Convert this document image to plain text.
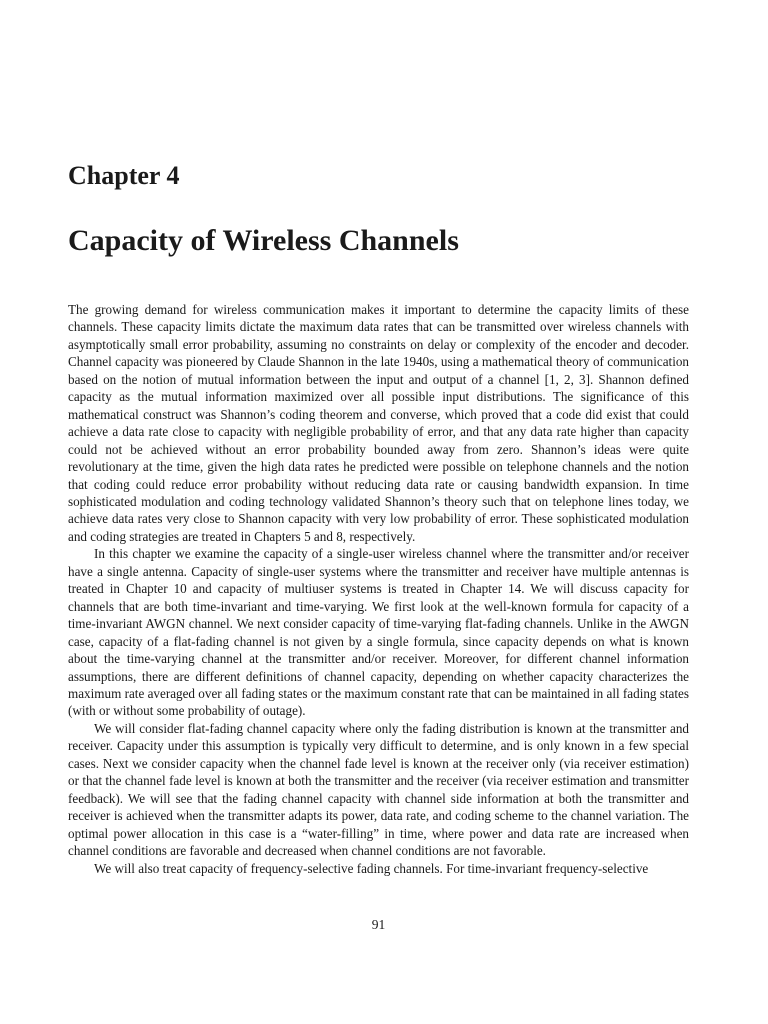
Chapter 4
Capacity of Wireless Channels

The growing demand for wireless communication makes it important to determine the capacity limits of these channels. These capacity limits dictate the maximum data rates that can be transmitted over wireless channels with asymptotically small error probability, assuming no constraints on delay or complexity of the encoder and decoder. Channel capacity was pioneered by Claude Shannon in the late 1940s, using a mathematical theory of communication based on the notion of mutual information between the input and output of a channel [1, 2, 3]. Shannon defined capacity as the mutual information maximized over all possible input distributions. The significance of this mathematical construct was Shannon’s coding theorem and converse, which proved that a code did exist that could achieve a data rate close to capacity with negligible probability of error, and that any data rate higher than capacity could not be achieved without an error probability bounded away from zero. Shannon’s ideas were quite revolutionary at the time, given the high data rates he predicted were possible on telephone channels and the notion that coding could reduce error probability without reducing data rate or causing bandwidth expansion. In time sophisticated modulation and coding technology validated Shannon’s theory such that on telephone lines today, we achieve data rates very close to Shannon capacity with very low probability of error. These sophisticated modulation and coding strategies are treated in Chapters 5 and 8, respectively.

In this chapter we examine the capacity of a single-user wireless channel where the transmitter and/or receiver have a single antenna. Capacity of single-user systems where the transmitter and receiver have multiple antennas is treated in Chapter 10 and capacity of multiuser systems is treated in Chapter 14. We will discuss capacity for channels that are both time-invariant and time-varying. We first look at the well-known formula for capacity of a time-invariant AWGN channel. We next consider capacity of time-varying flat-fading channels. Unlike in the AWGN case, capacity of a flat-fading channel is not given by a single formula, since capacity depends on what is known about the time-varying channel at the transmitter and/or receiver. Moreover, for different channel information assumptions, there are different definitions of channel capacity, depending on whether capacity characterizes the maximum rate averaged over all fading states or the maximum constant rate that can be maintained in all fading states (with or without some probability of outage).

We will consider flat-fading channel capacity where only the fading distribution is known at the transmitter and receiver. Capacity under this assumption is typically very difficult to determine, and is only known in a few special cases. Next we consider capacity when the channel fade level is known at the receiver only (via receiver estimation) or that the channel fade level is known at both the transmitter and the receiver (via receiver estimation and transmitter feedback). We will see that the fading channel capacity with channel side information at both the transmitter and receiver is achieved when the transmitter adapts its power, data rate, and coding scheme to the channel variation. The optimal power allocation in this case is a “water-filling” in time, where power and data rate are increased when channel conditions are favorable and decreased when channel conditions are not favorable.

We will also treat capacity of frequency-selective fading channels. For time-invariant frequency-selective

91
